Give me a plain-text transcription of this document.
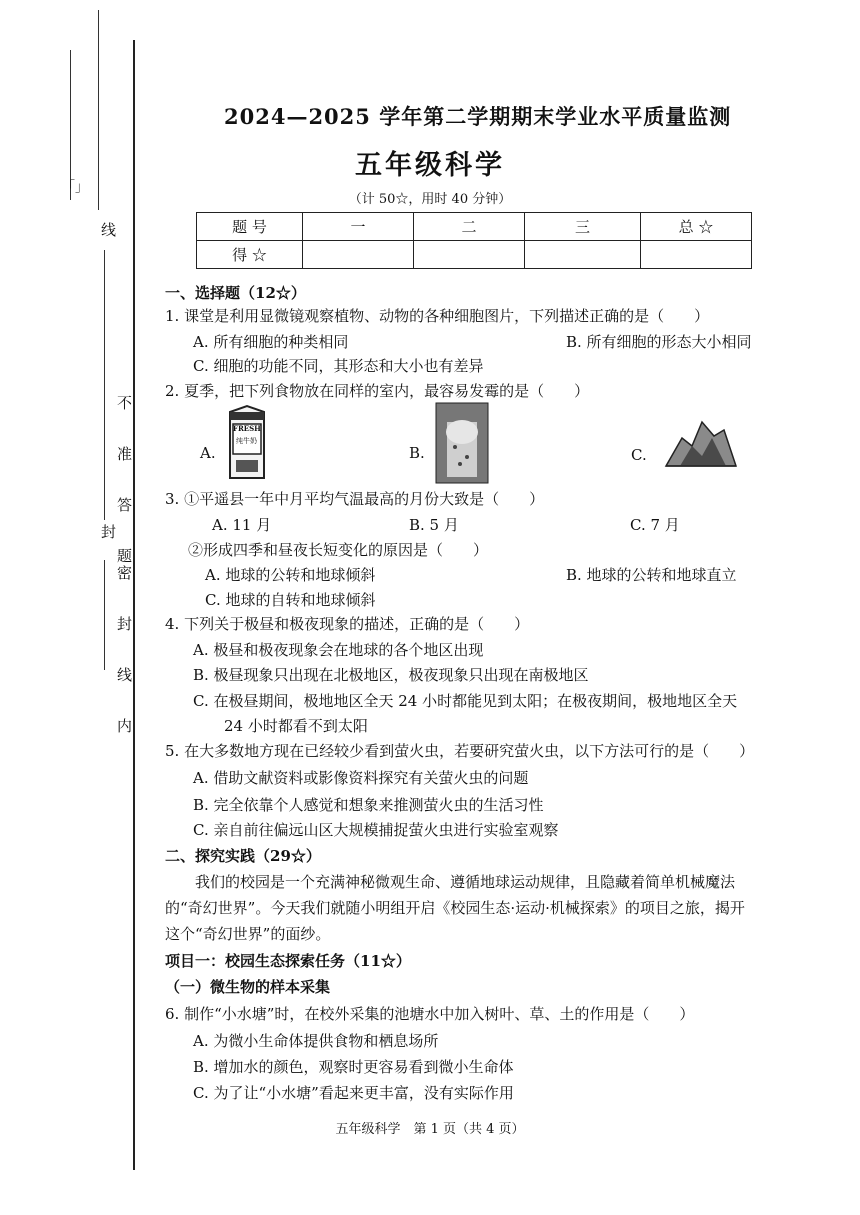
「」
线
封
不准答题
密封线内
2024—2025 学年第二学期期末学业水平质量监测
五年级科学
（计 50☆，用时 40 分钟）
题 号	一	二	三	总 ☆
得 ☆				
一、选择题（12☆）
1. 课堂是利用显微镜观察植物、动物的各种细胞图片，下列描述正确的是（　　）
A. 所有细胞的种类相同	B. 所有细胞的形态大小相同
C. 细胞的功能不同，其形态和大小也有差异
2. 夏季，把下列食物放在同样的室内，最容易发霉的是（　　）
A.
FRESH
纯牛奶
B.	C.
3. ①平遥县一年中月平均气温最高的月份大致是（　　）
A. 11 月	B. 5 月	C. 7 月
②形成四季和昼夜长短变化的原因是（　　）
A. 地球的公转和地球倾斜	B. 地球的公转和地球直立
C. 地球的自转和地球倾斜
4. 下列关于极昼和极夜现象的描述，正确的是（　　）
A. 极昼和极夜现象会在地球的各个地区出现
B. 极昼现象只出现在北极地区，极夜现象只出现在南极地区
C. 在极昼期间，极地地区全天 24 小时都能见到太阳；在极夜期间，极地地区全天
24 小时都看不到太阳
5. 在大多数地方现在已经较少看到萤火虫，若要研究萤火虫，以下方法可行的是（　　）
A. 借助文献资料或影像资料探究有关萤火虫的问题
B. 完全依靠个人感觉和想象来推测萤火虫的生活习性
C. 亲自前往偏远山区大规模捕捉萤火虫进行实验室观察
二、探究实践（29☆）
我们的校园是一个充满神秘微观生命、遵循地球运动规律，且隐藏着简单机械魔法
的“奇幻世界”。今天我们就随小明组开启《校园生态·运动·机械探索》的项目之旅，揭开
这个“奇幻世界”的面纱。
项目一：校园生态探索任务（11☆）
（一）微生物的样本采集
6. 制作“小水塘”时，在校外采集的池塘水中加入树叶、草、土的作用是（　　）
A. 为微小生命体提供食物和栖息场所
B. 增加水的颜色，观察时更容易看到微小生命体
C. 为了让“小水塘”看起来更丰富，没有实际作用
五年级科学　第 1 页（共 4 页）
